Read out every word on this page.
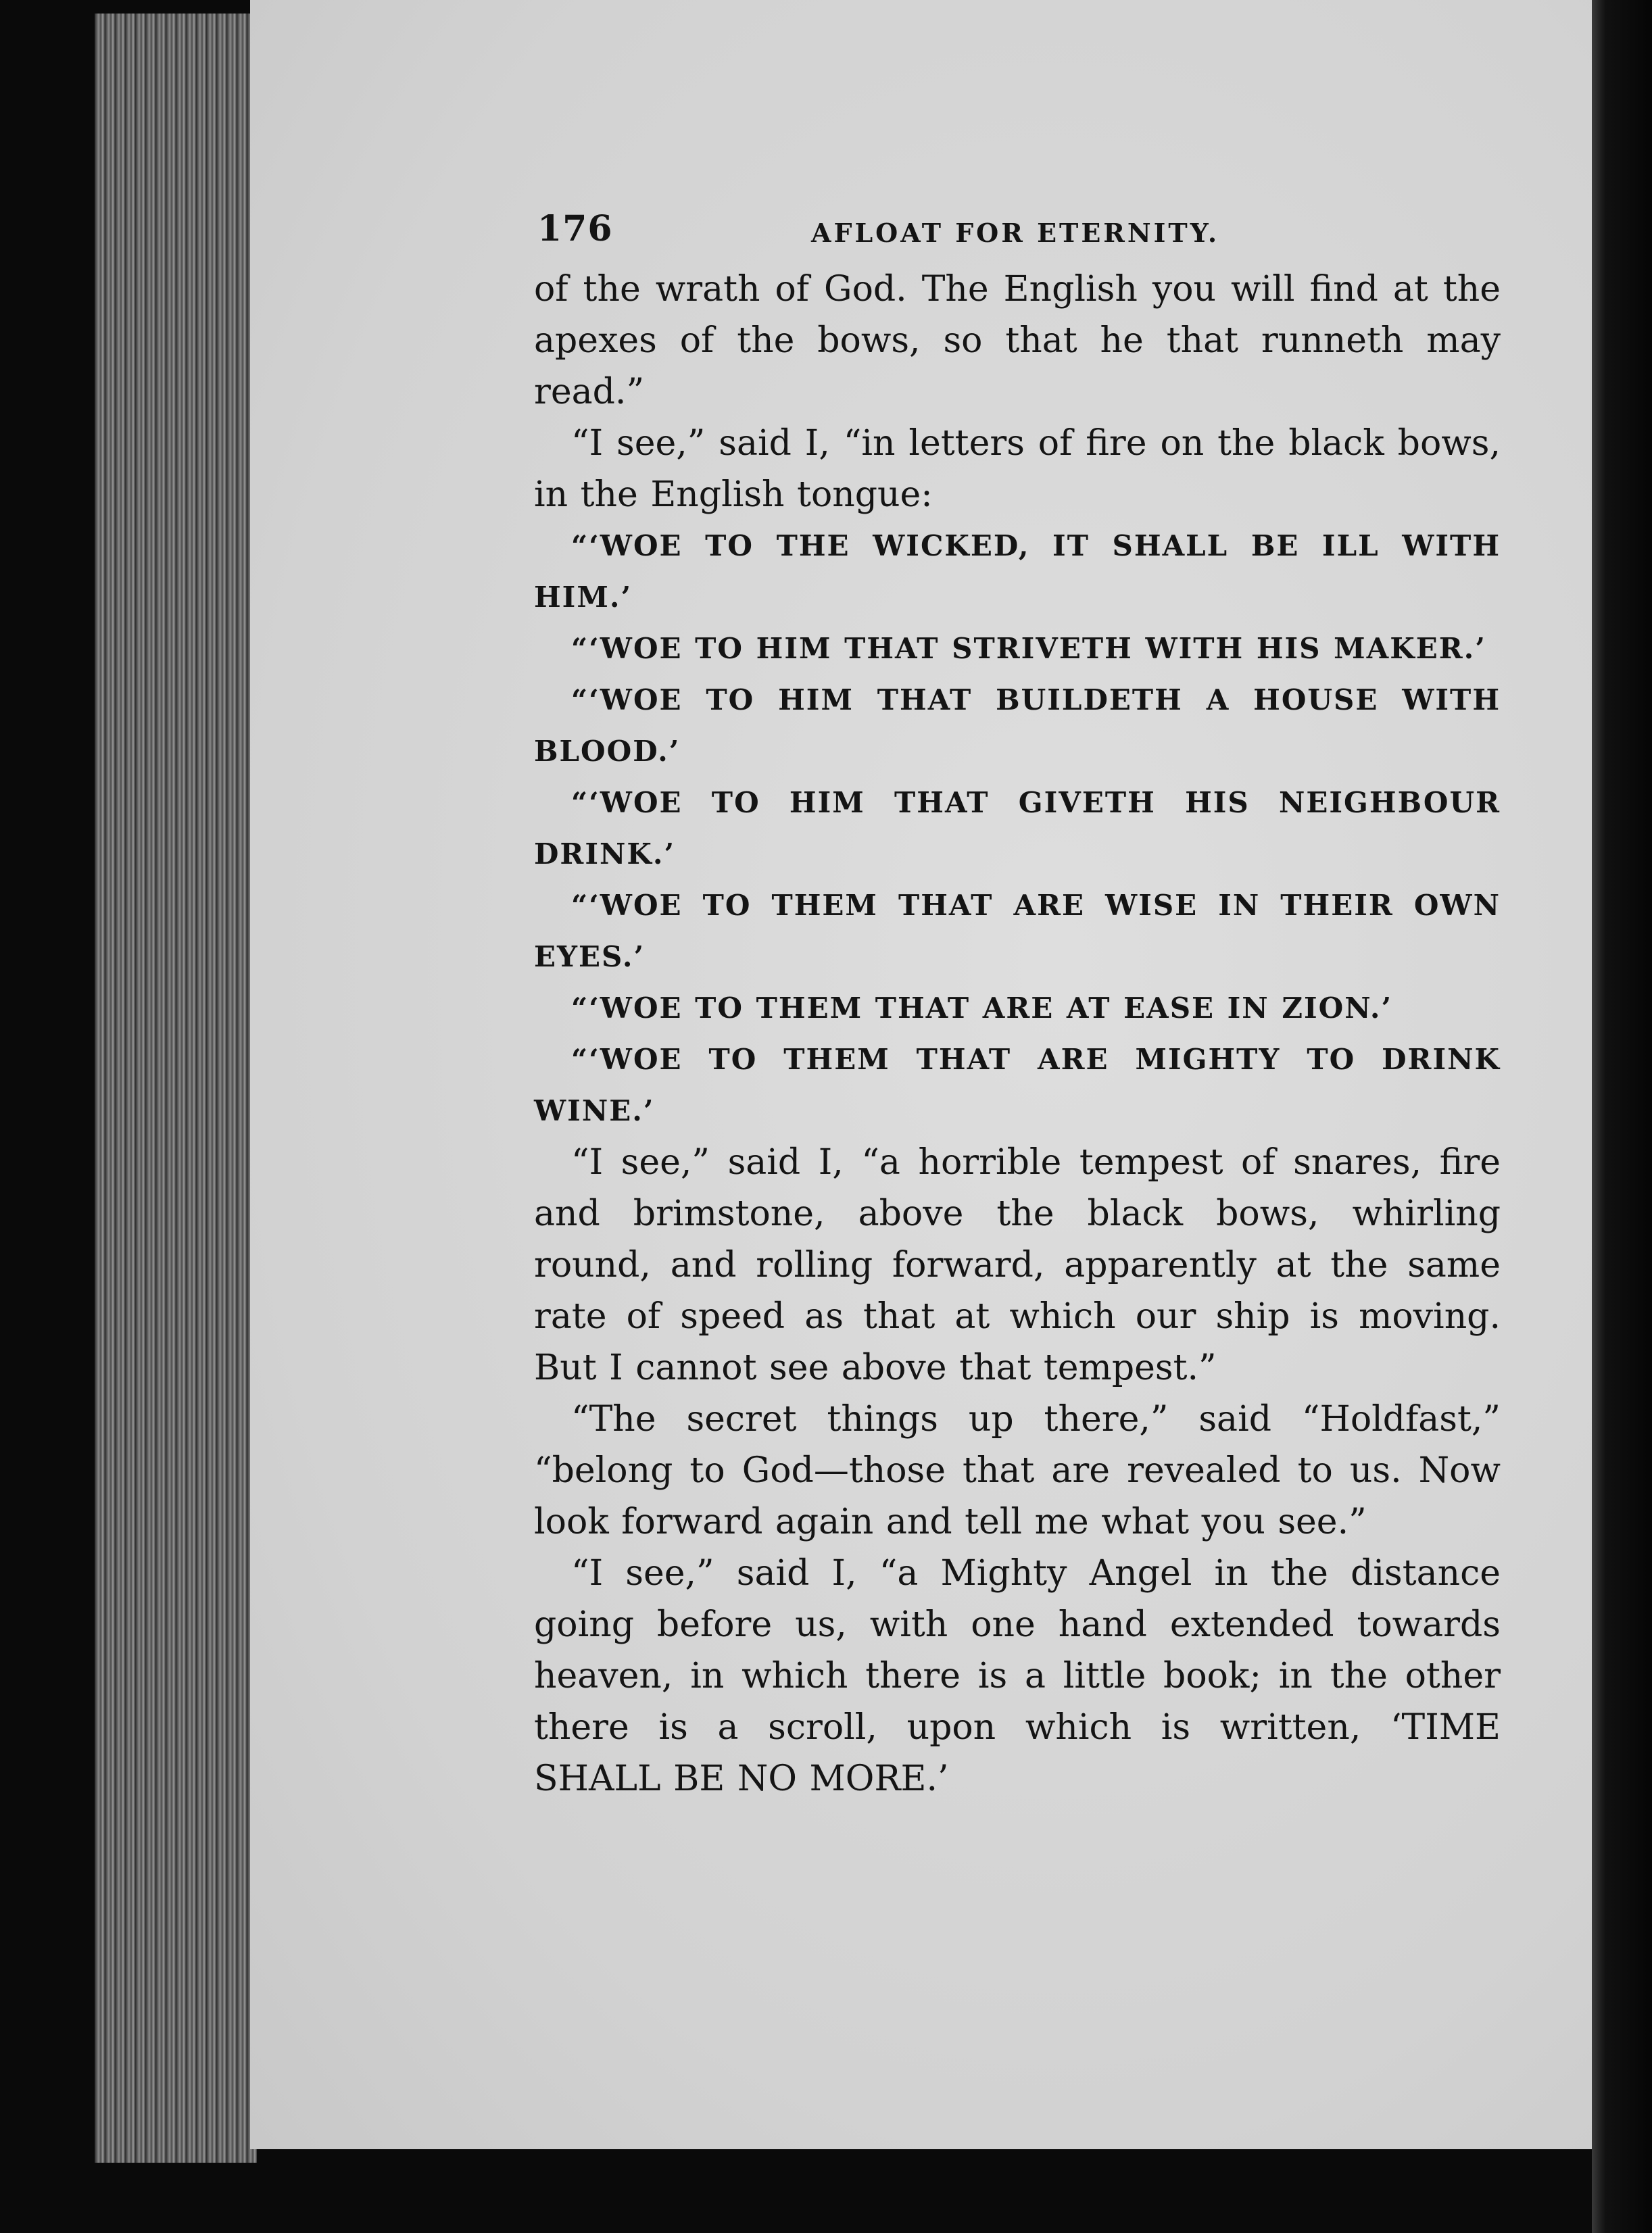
176	AFLOAT FOR ETERNITY.

of the wrath of God. The English you will find at the apexes of the bows, so that he that runneth may read.”

“I see,” said I, “in letters of fire on the black bows, in the English tongue:

“‘WOE TO THE WICKED, IT SHALL BE ILL WITH HIM.’

“‘WOE TO HIM THAT STRIVETH WITH HIS MAKER.’

“‘WOE TO HIM THAT BUILDETH A HOUSE WITH BLOOD.’

“‘WOE TO HIM THAT GIVETH HIS NEIGHBOUR DRINK.’

“‘WOE TO THEM THAT ARE WISE IN THEIR OWN EYES.’

“‘WOE TO THEM THAT ARE AT EASE IN ZION.’

“‘WOE TO THEM THAT ARE MIGHTY TO DRINK WINE.’

“I see,” said I, “a horrible tempest of snares, fire and brimstone, above the black bows, whirling round, and rolling forward, apparently at the same rate of speed as that at which our ship is moving. But I cannot see above that tempest.”

“The secret things up there,” said “Holdfast,” “belong to God—those that are revealed to us. Now look forward again and tell me what you see.”

“I see,” said I, “a Mighty Angel in the distance going before us, with one hand extended towards heaven, in which there is a little book; in the other there is a scroll, upon which is written, ‘TIME SHALL BE NO MORE.’
